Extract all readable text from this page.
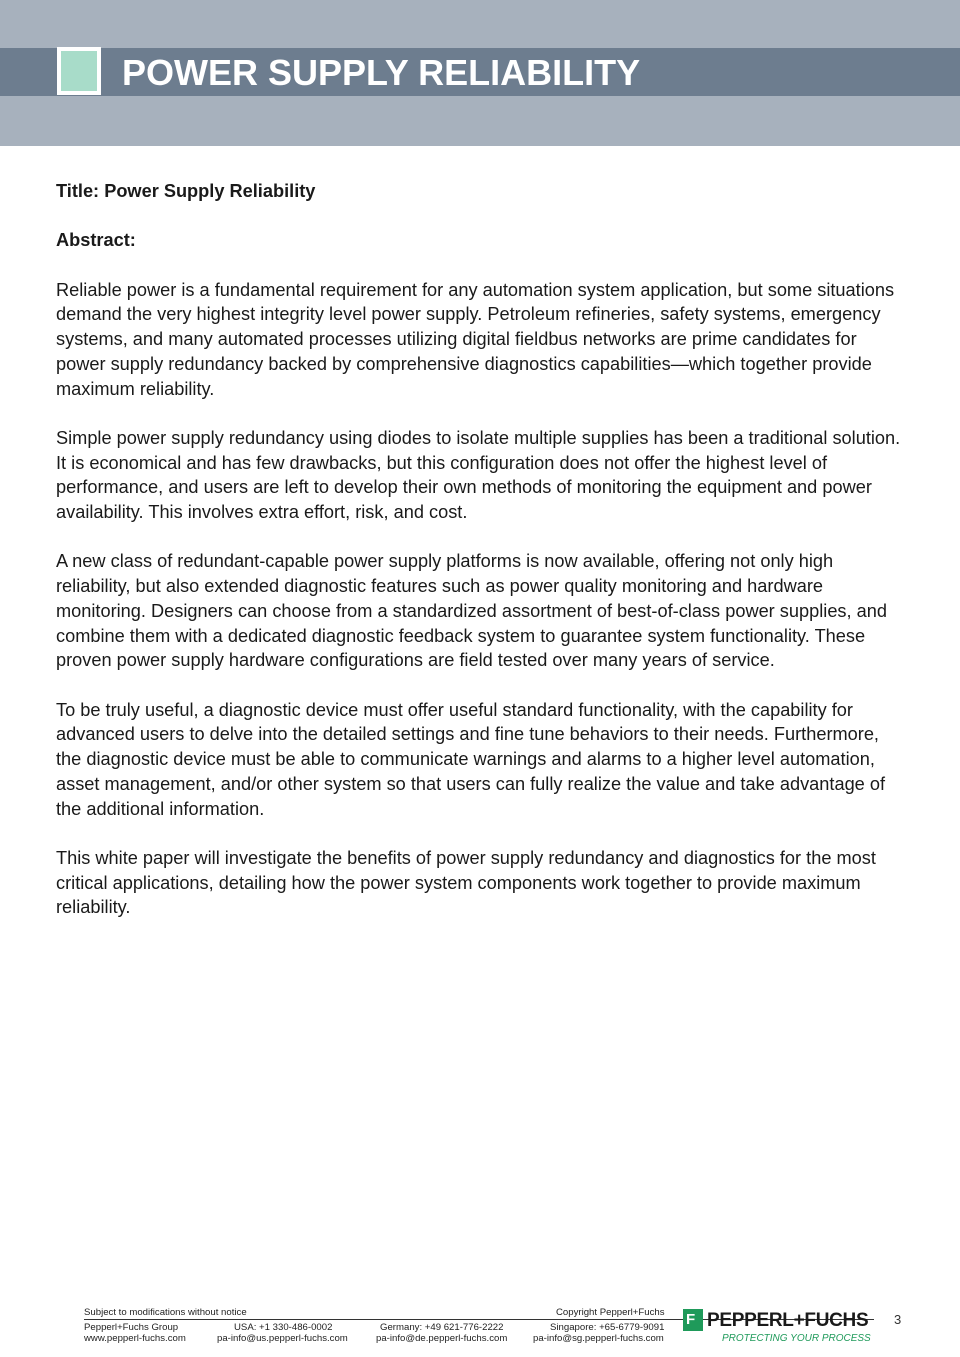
POWER SUPPLY RELIABILITY

Title: Power Supply Reliability

Abstract:

Reliable power is a fundamental requirement for any automation system application, but some situations demand the very highest integrity level power supply. Petroleum refineries, safety systems, emergency systems, and many automated processes utilizing digital fieldbus networks are prime candidates for power supply redundancy backed by comprehensive diagnostics capabilities—which together provide maximum reliability.

Simple power supply redundancy using diodes to isolate multiple supplies has been a traditional solution. It is economical and has few drawbacks, but this configuration does not offer the highest level of performance, and users are left to develop their own methods of monitoring the equipment and power availability. This involves extra effort, risk, and cost.

A new class of redundant-capable power supply platforms is now available, offering not only high reliability, but also extended diagnostic features such as power quality monitoring and hardware monitoring. Designers can choose from a standardized assortment of best-of-class power supplies, and combine them with a dedicated diagnostic feedback system to guarantee system functionality. These proven power supply hardware configurations are field tested over many years of service.

To be truly useful, a diagnostic device must offer useful standard functionality, with the capability for advanced users to delve into the detailed settings and fine tune behaviors to their needs. Furthermore, the diagnostic device must be able to communicate warnings and alarms to a higher level automation, asset management, and/or other system so that users can fully realize the value and take advantage of the additional information.

This white paper will investigate the benefits of power supply redundancy and diagnostics for the most critical applications, detailing how the power system components work together to provide maximum reliability.

Subject to modifications without notice	Copyright Pepperl+Fuchs
Pepperl+Fuchs Group
www.pepperl-fuchs.com
USA: +1 330-486-0002
pa-info@us.pepperl-fuchs.com
Germany: +49 621-776-2222
pa-info@de.pepperl-fuchs.com
Singapore: +65-6779-9091
pa-info@sg.pepperl-fuchs.com
F PEPPERL+FUCHS
PROTECTING YOUR PROCESS
3
